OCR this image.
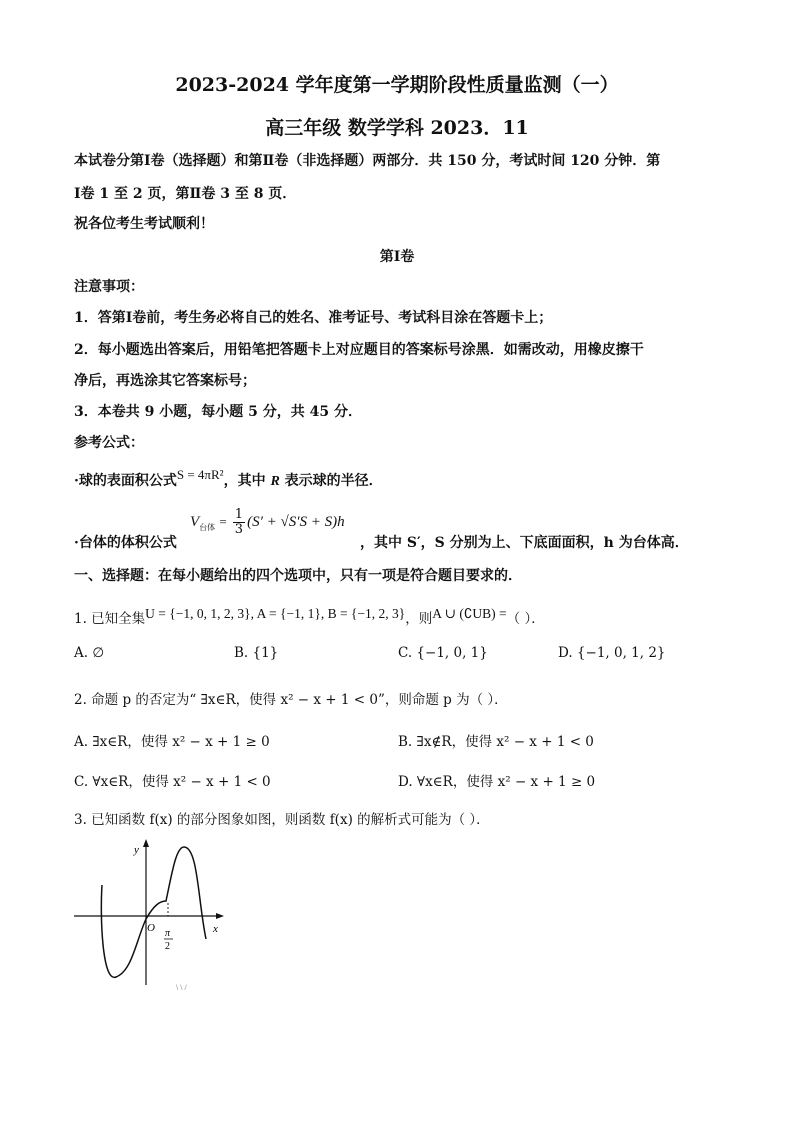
2023-2024 学年度第一学期阶段性质量监测（一）
高三年级 数学学科 2023．11
本试卷分第Ⅰ卷（选择题）和第Ⅱ卷（非选择题）两部分．共 150 分，考试时间 120 分钟．第
Ⅰ卷 1 至 2 页，第Ⅱ卷 3 至 8 页．
祝各位考生考试顺利！
第Ⅰ卷
注意事项：
1．答第Ⅰ卷前，考生务必将自己的姓名、准考证号、考试科目涂在答题卡上；
2．每小题选出答案后，用铅笔把答题卡上对应题目的答案标号涂黑．如需改动，用橡皮擦干
净后，再选涂其它答案标号；
3．本卷共 9 小题，每小题 5 分，共 45 分．
参考公式：
·球的表面积公式S = 4πR²，其中 R 表示球的半径．
·台体的体积公式
$V_{台体} = \frac{1}{3} (S' + √S'S + S)h$
，其中 S′，S 分别为上、下底面面积，h 为台体高．
一、选择题：在每小题给出的四个选项中，只有一项是符合题目要求的．
1. 已知全集U = {−1, 0, 1, 2, 3}, A = {−1, 1}, B = {−1, 2, 3}，则A ∪ (∁UB) =（ ）．
A. ∅	B. {1}	C. {−1, 0, 1}	D. {−1, 0, 1, 2}
2. 命题 p 的否定为“ ∃x∈R，使得 x² − x + 1 < 0”，则命题 p 为（ ）．
A. ∃x∈R，使得 x² − x + 1 ≥ 0	B. ∃x∉R，使得 x² − x + 1 < 0
C. ∀x∈R，使得 x² − x + 1 < 0	D. ∀x∈R，使得 x² − x + 1 ≥ 0
3. 已知函数 f(x) 的部分图象如图，则函数 f(x) 的解析式可能为（ ）．
y
x
O π
2
\ \ /
